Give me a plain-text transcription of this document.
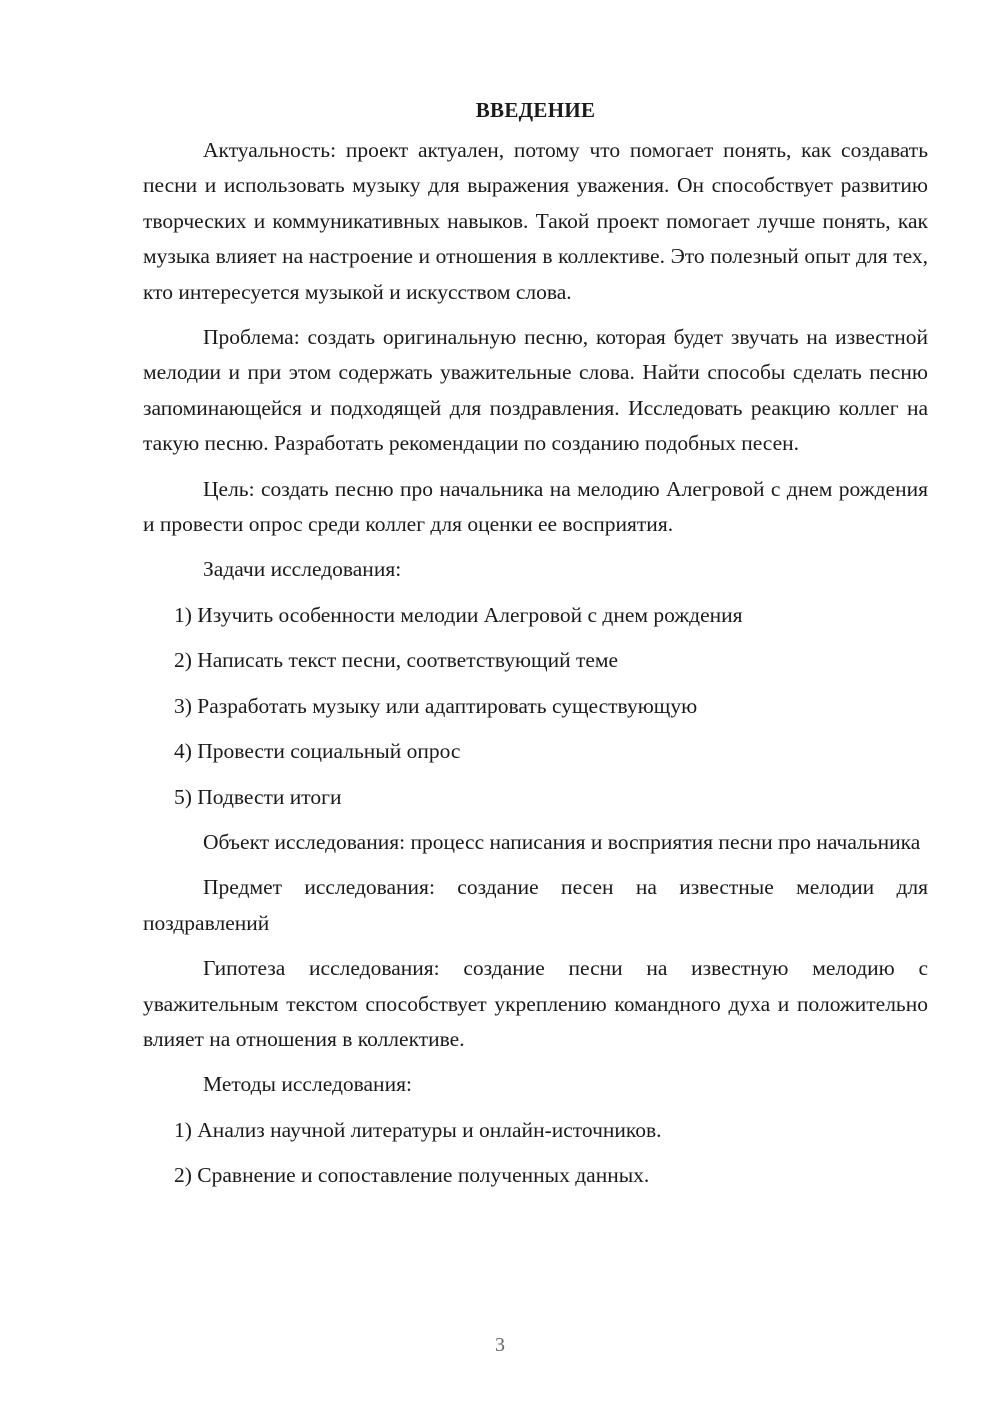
ВВЕДЕНИЕ

Актуальность: проект актуален, потому что помогает понять, как создавать песни и использовать музыку для выражения уважения. Он способствует развитию творческих и коммуникативных навыков. Такой проект помогает лучше понять, как музыка влияет на настроение и отношения в коллективе. Это полезный опыт для тех, кто интересуется музыкой и искусством слова.

Проблема: создать оригинальную песню, которая будет звучать на известной мелодии и при этом содержать уважительные слова. Найти способы сделать песню запоминающейся и подходящей для поздравления. Исследовать реакцию коллег на такую песню. Разработать рекомендации по созданию подобных песен.

Цель: создать песню про начальника на мелодию Алегровой с днем рождения и провести опрос среди коллег для оценки ее восприятия.

Задачи исследования:

1) Изучить особенности мелодии Алегровой с днем рождения
2) Написать текст песни, соответствующий теме
3) Разработать музыку или адаптировать существующую
4) Провести социальный опрос
5) Подвести итоги

Объект исследования: процесс написания и восприятия песни про начальника

Предмет исследования: создание песен на известные мелодии для поздравлений

Гипотеза исследования: создание песни на известную мелодию с уважительным текстом способствует укреплению командного духа и положительно влияет на отношения в коллективе.

Методы исследования:

1) Анализ научной литературы и онлайн-источников.
2) Сравнение и сопоставление полученных данных.
3
